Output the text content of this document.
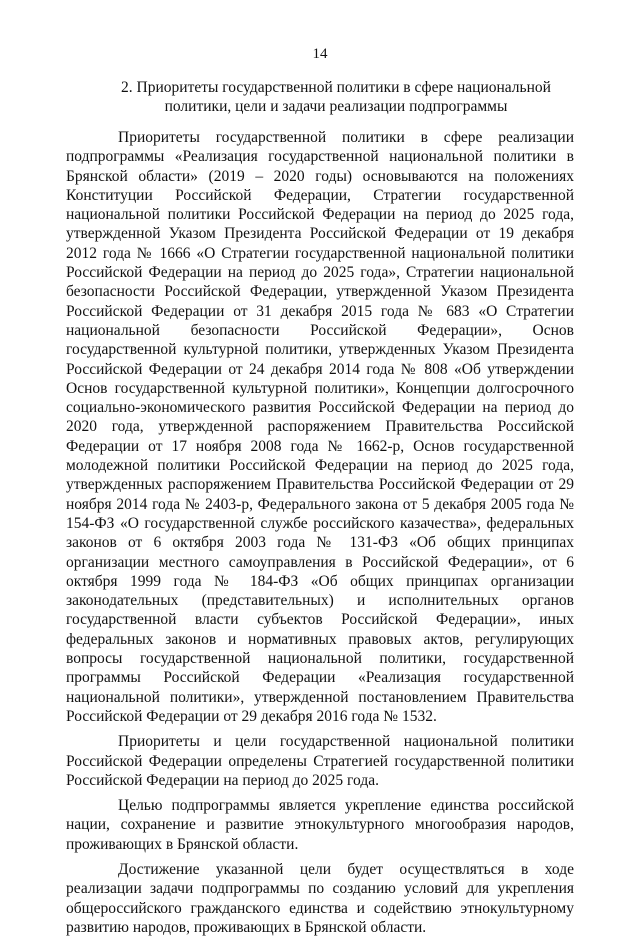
14
2. Приоритеты государственной политики в сфере национальной политики, цели и задачи реализации подпрограммы

Приоритеты государственной политики в сфере реализации подпрограммы «Реализация государственной национальной политики в Брянской области» (2019 – 2020 годы) основываются на положениях Конституции Российской Федерации, Стратегии государственной национальной политики Российской Федерации на период до 2025 года, утвержденной Указом Президента Российской Федерации от 19 декабря 2012 года № 1666 «О Стратегии государственной национальной политики Российской Федерации на период до 2025 года», Стратегии национальной безопасности Российской Федерации, утвержденной Указом Президента Российской Федерации от 31 декабря 2015 года № 683 «О Стратегии национальной безопасности Российской Федерации», Основ государственной культурной политики, утвержденных Указом Президента Российской Федерации от 24 декабря 2014 года № 808 «Об утверждении Основ государственной культурной политики», Концепции долгосрочного социально-экономического развития Российской Федерации на период до 2020 года, утвержденной распоряжением Правительства Российской Федерации от 17 ноября 2008 года № 1662-р, Основ государственной молодежной политики Российской Федерации на период до 2025 года, утвержденных распоряжением Правительства Российской Федерации от 29 ноября 2014 года № 2403-р, Федерального закона от 5 декабря 2005 года № 154-ФЗ «О государственной службе российского казачества», федеральных законов от 6 октября 2003 года № 131-ФЗ «Об общих принципах организации местного самоуправления в Российской Федерации», от 6 октября 1999 года № 184-ФЗ «Об общих принципах организации законодательных (представительных) и исполнительных органов государственной власти субъектов Российской Федерации», иных федеральных законов и нормативных правовых актов, регулирующих вопросы государственной национальной политики, государственной программы Российской Федерации «Реализация государственной национальной политики», утвержденной постановлением Правительства Российской Федерации от 29 декабря 2016 года № 1532.

Приоритеты и цели государственной национальной политики Российской Федерации определены Стратегией государственной политики Российской Федерации на период до 2025 года.

Целью подпрограммы является укрепление единства российской нации, сохранение и развитие этнокультурного многообразия народов, проживающих в Брянской области.

Достижение указанной цели будет осуществляться в ходе реализации задачи подпрограммы по созданию условий для укрепления общероссийского гражданского единства и содействию этнокультурному развитию народов, проживающих в Брянской области.
